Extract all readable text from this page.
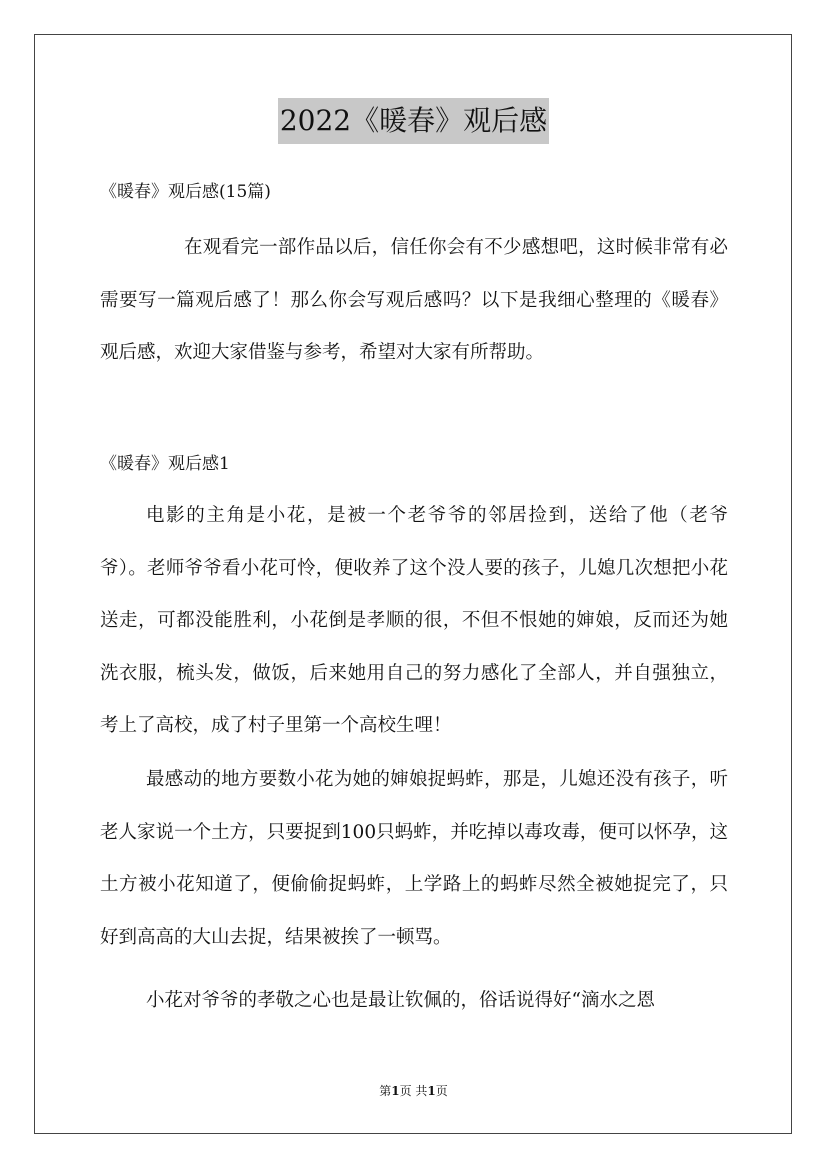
2022《暖春》观后感
《暖春》观后感(15篇)

在观看完一部作品以后，信任你会有不少感想吧，这时候非常有必需要写一篇观后感了！那么你会写观后感吗？以下是我细心整理的《暖春》观后感，欢迎大家借鉴与参考，希望对大家有所帮助。

《暖春》观后感1

电影的主角是小花，是被一个老爷爷的邻居捡到，送给了他（老爷爷）。老师爷爷看小花可怜，便收养了这个没人要的孩子，儿媳几次想把小花送走，可都没能胜利，小花倒是孝顺的很，不但不恨她的婶娘，反而还为她洗衣服，梳头发，做饭，后来她用自己的努力感化了全部人，并自强独立，考上了高校，成了村子里第一个高校生哩！

最感动的地方要数小花为她的婶娘捉蚂蚱，那是，儿媳还没有孩子，听老人家说一个土方，只要捉到100只蚂蚱，并吃掉以毒攻毒，便可以怀孕，这土方被小花知道了，便偷偷捉蚂蚱，上学路上的蚂蚱尽然全被她捉完了，只好到高高的大山去捉，结果被挨了一顿骂。

小花对爷爷的孝敬之心也是最让钦佩的，俗话说得好“滴水之恩

第1页 共1页
